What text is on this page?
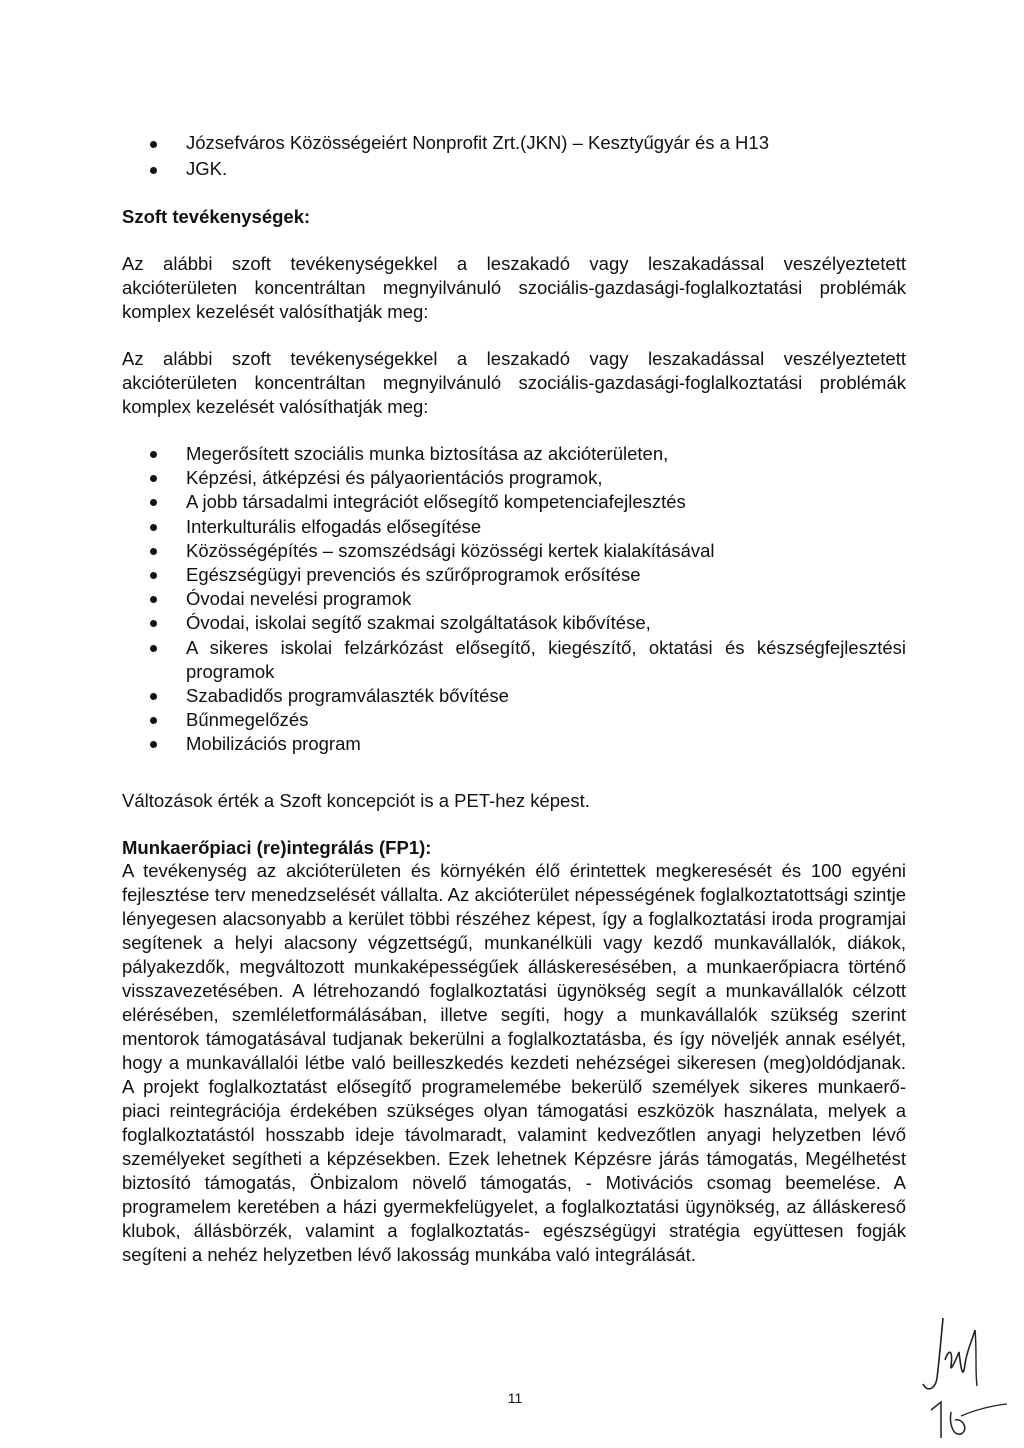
Józsefváros Közösségeiért Nonprofit Zrt.(JKN) – Kesztyűgyár és a H13
JGK.
Szoft tevékenységek:

Az alábbi szoft tevékenységekkel a leszakadó vagy leszakadással veszélyeztetett akcióterületen koncentráltan megnyilvánuló szociális-gazdasági-foglalkoztatási problémák komplex kezelését valósíthatják meg:

Az alábbi szoft tevékenységekkel a leszakadó vagy leszakadással veszélyeztetett akcióterületen koncentráltan megnyilvánuló szociális-gazdasági-foglalkoztatási problémák komplex kezelését valósíthatják meg:

Megerősített szociális munka biztosítása az akcióterületen,
Képzési, átképzési és pályaorientációs programok,
A jobb társadalmi integrációt elősegítő kompetenciafejlesztés
Interkulturális elfogadás elősegítése
Közösségépítés – szomszédsági közösségi kertek kialakításával
Egészségügyi prevenciós és szűrőprogramok erősítése
Óvodai nevelési programok
Óvodai, iskolai segítő szakmai szolgáltatások kibővítése,
A sikeres iskolai felzárkózást elősegítő, kiegészítő, oktatási és készségfejlesztési programok
Szabadidős programválaszték bővítése
Bűnmegelőzés
Mobilizációs program

Változások érték a Szoft koncepciót is a PET-hez képest.

Munkaerőpiaci (re)integrálás (FP1):

A tevékenység az akcióterületen és környékén élő érintettek megkeresését és 100 egyéni fejlesztése terv menedzselését vállalta. Az akcióterület népességének foglalkoztatottsági szintje lényegesen alacsonyabb a kerület többi részéhez képest, így a foglalkoztatási iroda programjai segítenek a helyi alacsony végzettségű, munkanélküli vagy kezdő munkavállalók, diákok, pályakezdők, megváltozott munkaképességűek álláskeresésében, a munkaerőpiacra történő visszavezetésében. A létrehozandó foglalkoztatási ügynökség segít a munkavállalók célzott elérésében, szemléletformálásában, illetve segíti, hogy a munkavállalók szükség szerint mentorok támogatásával tudjanak bekerülni a foglalkoztatásba, és így növeljék annak esélyét, hogy a munkavállalói létbe való beilleszkedés kezdeti nehézségei sikeresen (meg)oldódjanak. A projekt foglalkoztatást elősegítő programelemébe bekerülő személyek sikeres munkaerő-piaci reintegrációja érdekében szükséges olyan támogatási eszközök használata, melyek a foglalkoztatástól hosszabb ideje távolmaradt, valamint kedvezőtlen anyagi helyzetben lévő személyeket segítheti a képzésekben. Ezek lehetnek Képzésre járás támogatás, Megélhetést biztosító támogatás, Önbizalom növelő támogatás, - Motivációs csomag beemelése. A programelem keretében a házi gyermekfelügyelet, a foglalkoztatási ügynökség, az álláskereső klubok, állásbörzék, valamint a foglalkoztatás- egészségügyi stratégia együttesen fogják segíteni a nehéz helyzetben lévő lakosság munkába való integrálását.

11
